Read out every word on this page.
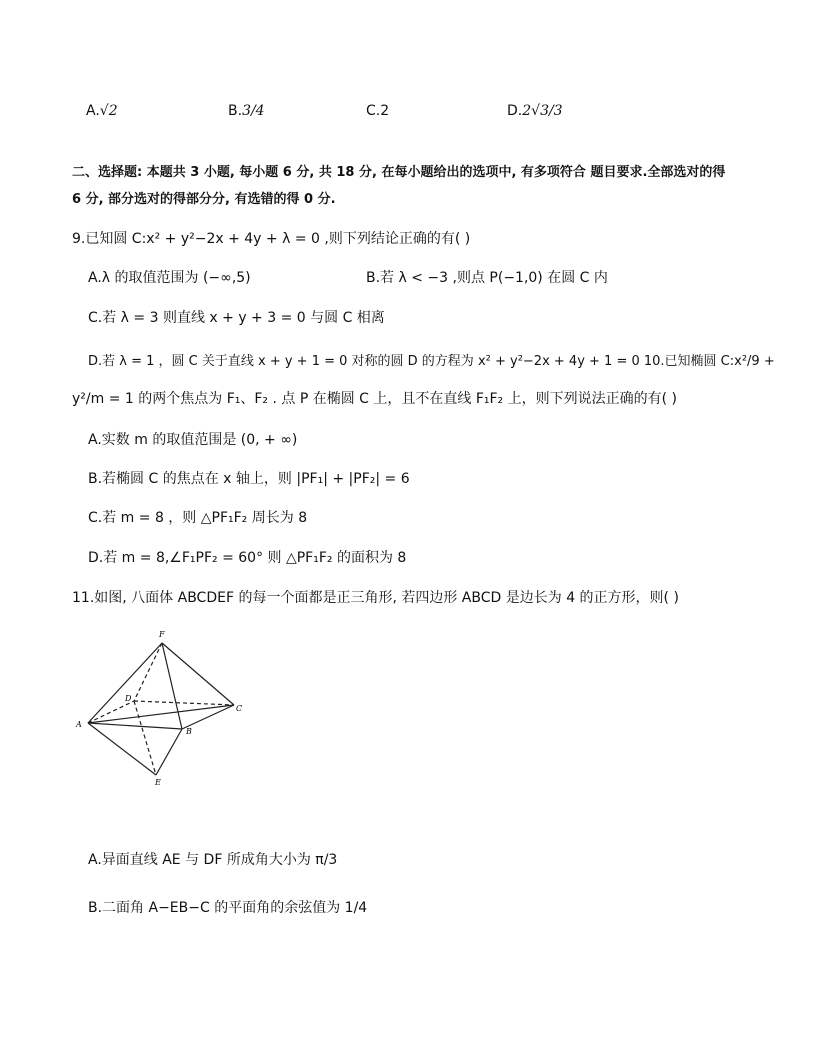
A.√2	B.3/4	C.2	D.2√3/3
二、选择题: 本题共 3 小题, 每小题 6 分, 共 18 分, 在每小题给出的选项中, 有多项符合 题目要求.全部选对的得
6 分, 部分选对的得部分分, 有选错的得 0 分.
9.已知圆 C:x² + y²−2x + 4y + λ = 0 ,则下列结论正确的有( )
A.λ 的取值范围为 (−∞,5)	B.若 λ < −3 ,则点 P(−1,0) 在圆 C 内
C.若 λ = 3 则直线 x + y + 3 = 0 与圆 C 相离
D.若 λ = 1 ，圆 C 关于直线 x + y + 1 = 0 对称的圆 D 的方程为 x² + y²−2x + 4y + 1 = 0 10.已知椭圆 C:x²/9 +
y²/m = 1 的两个焦点为 F₁、F₂ . 点 P 在椭圆 C 上，且不在直线 F₁F₂ 上，则下列说法正确的有( )
A.实数 m 的取值范围是 (0, + ∞)
B.若椭圆 C 的焦点在 x 轴上，则 |PF₁| + |PF₂| = 6
C.若 m = 8 ，则 △PF₁F₂ 周长为 8
D.若 m = 8,∠F₁PF₂ = 60° 则 △PF₁F₂ 的面积为 8
11.如图, 八面体 ABCDEF 的每一个面都是正三角形, 若四边形 ABCD 是边长为 4 的正方形，则( )
F
D
A
B
C
E
A.异面直线 AE 与 DF 所成角大小为 π/3
B.二面角 A−EB−C 的平面角的余弦值为 1/4
